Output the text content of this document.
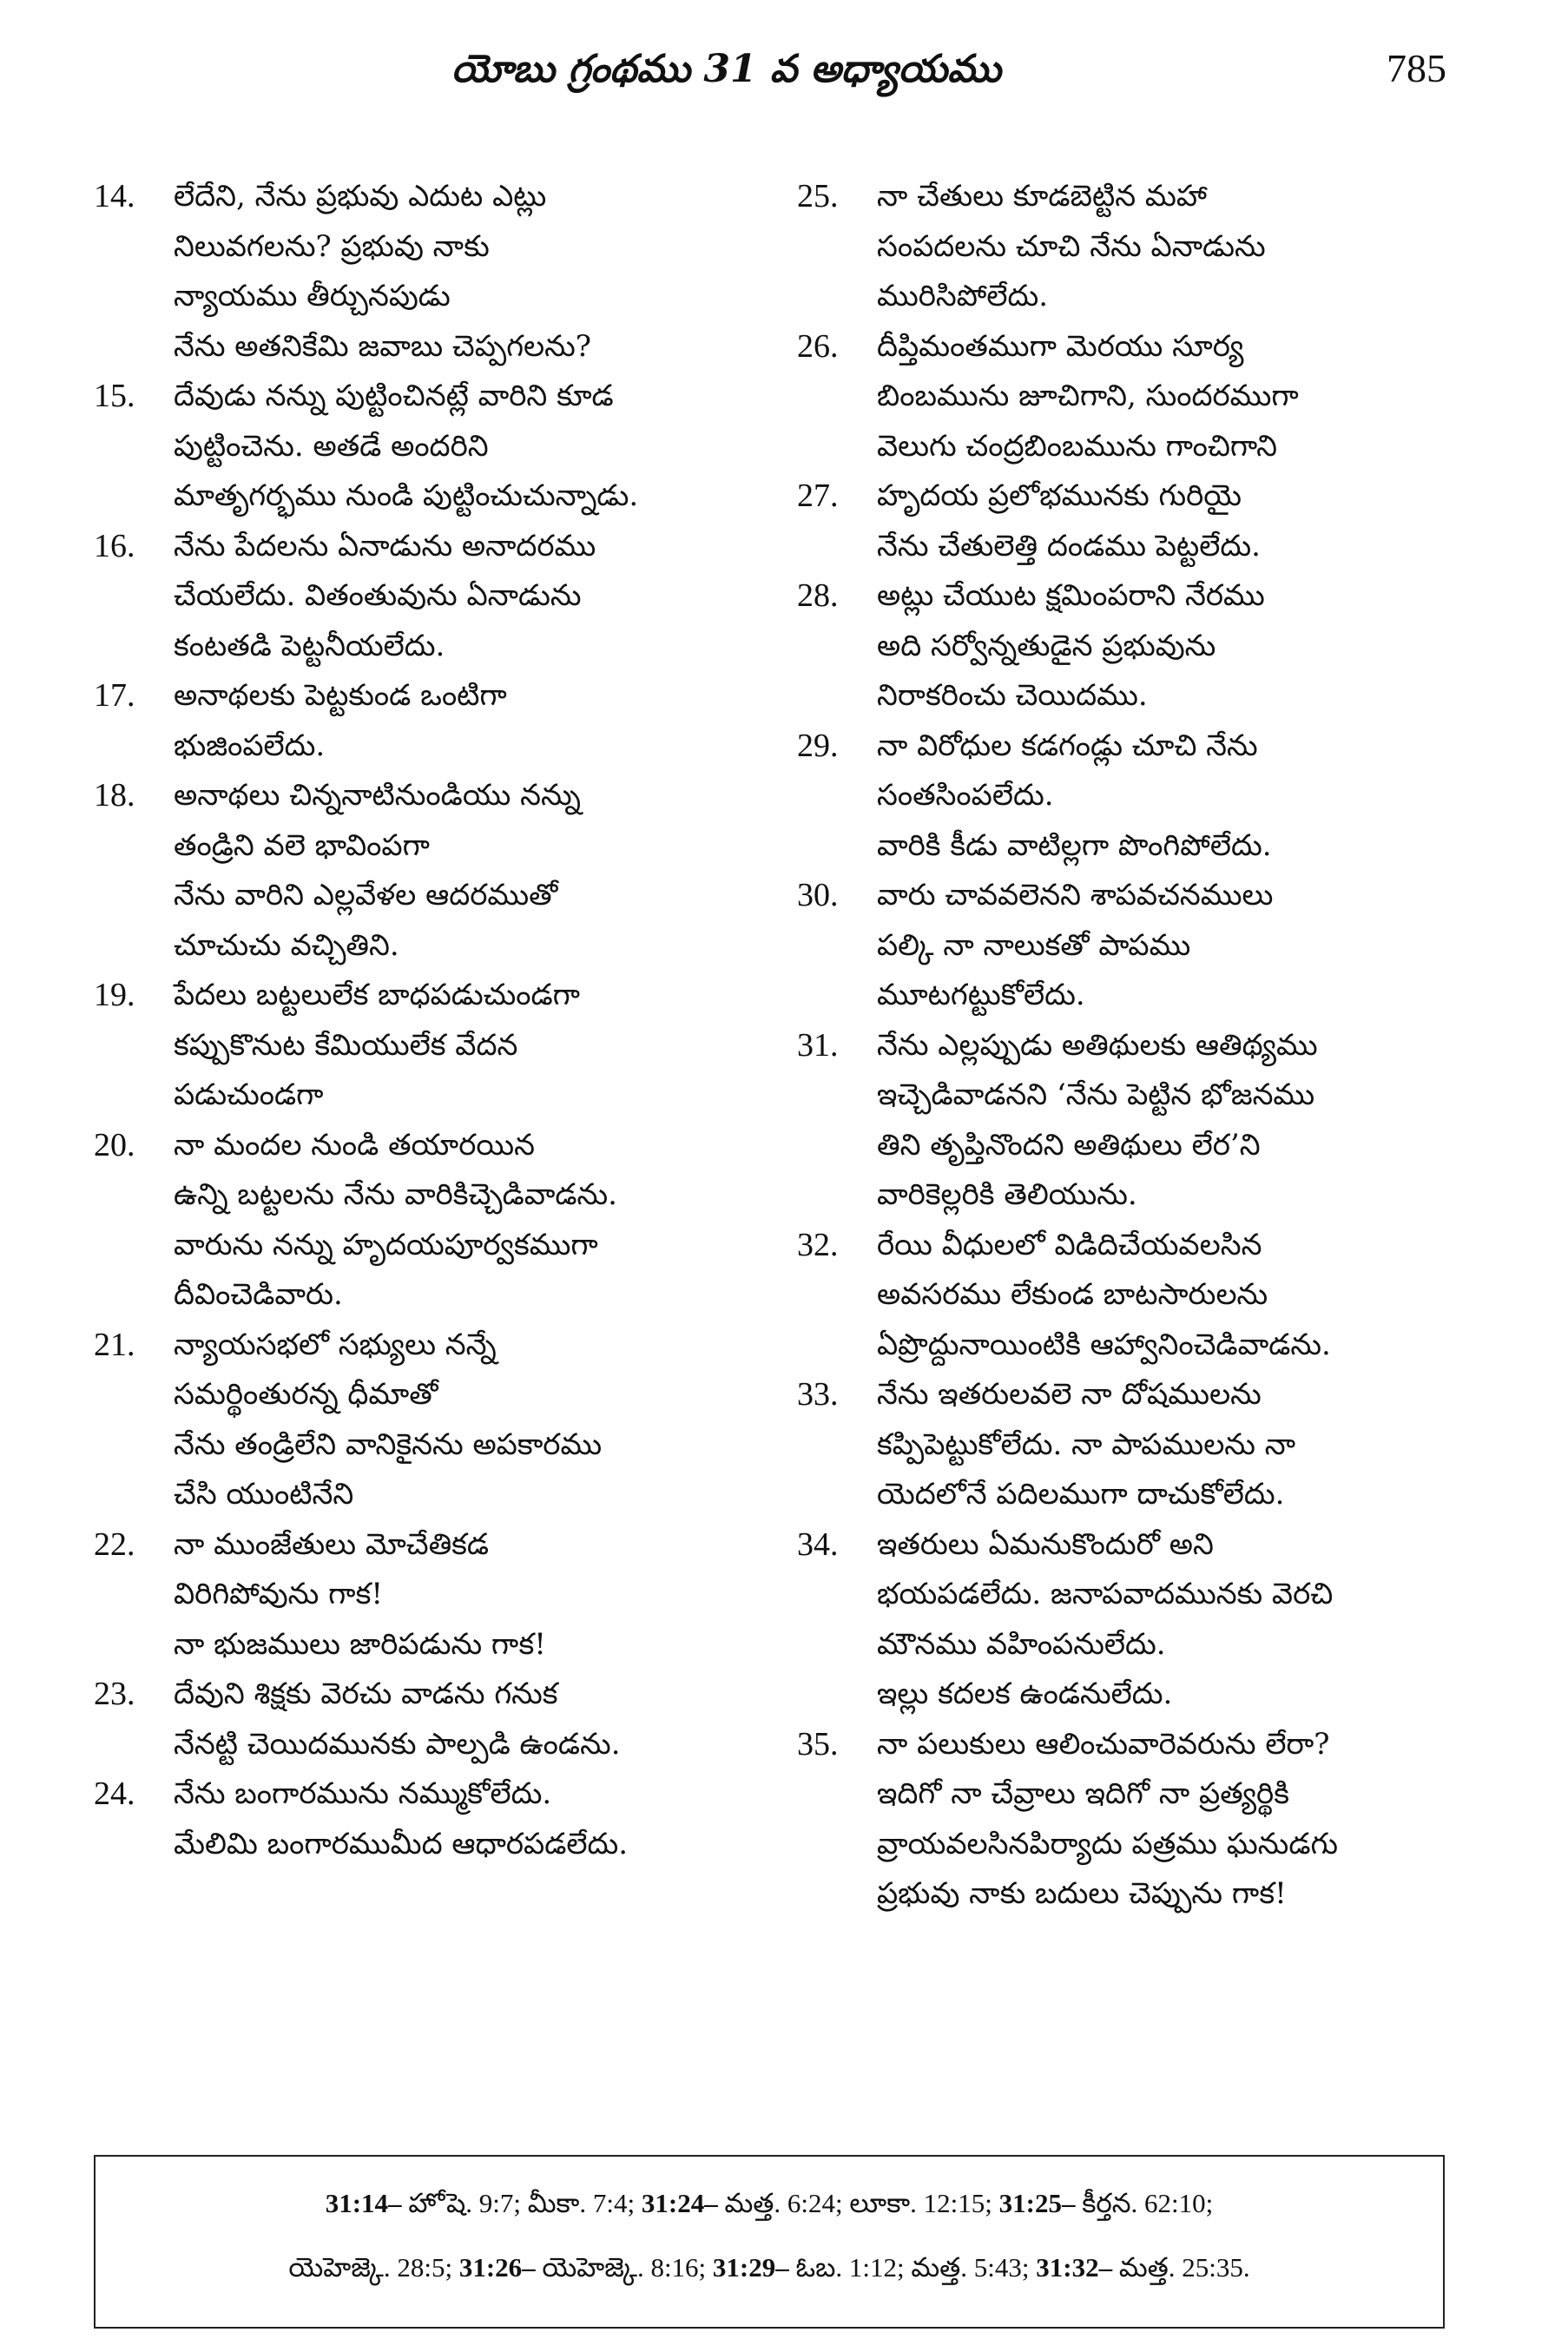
యోబు గ్రంథము 31 వ అధ్యాయము	785
14.	లేదేని, నేను ప్రభువు ఎదుట ఎట్లు
నిలువగలను? ప్రభువు నాకు
న్యాయము తీర్చునపుడు
నేను అతనికేమి జవాబు చెప్పగలను?
15.	దేవుడు నన్ను పుట్టించినట్లే వారిని కూడ
పుట్టించెను. అతడే అందరిని
మాతృగర్భము నుండి పుట్టించుచున్నాడు.
16.	నేను పేదలను ఏనాడును అనాదరము
చేయలేదు. వితంతువును ఏనాడును
కంటతడి పెట్టనీయలేదు.
17.	అనాథలకు పెట్టకుండ ఒంటిగా
భుజింపలేదు.
18.	అనాథలు చిన్ననాటినుండియు నన్ను
తండ్రిని వలె భావింపగా
నేను వారిని ఎల్లవేళల ఆదరముతో
చూచుచు వచ్చితిని.
19.	పేదలు బట్టలులేక బాధపడుచుండగా
కప్పుకొనుట కేమియులేక వేదన
పడుచుండగా
20.	నా మందల నుండి తయారయిన
ఉన్ని బట్టలను నేను వారికిచ్చెడివాడను.
వారును నన్ను హృదయపూర్వకముగా
దీవించెడివారు.
21.	న్యాయసభలో సభ్యులు నన్నే
సమర్థింతురన్న ధీమాతో
నేను తండ్రిలేని వానికైనను అపకారము
చేసి యుంటినేని
22.	నా ముంజేతులు మోచేతికడ
విరిగిపోవును గాక!
నా భుజములు జారిపడును గాక!
23.	దేవుని శిక్షకు వెరచు వాడను గనుక
నేనట్టి చెయిదమునకు పాల్పడి ఉండను.
24.	నేను బంగారమును నమ్ముకోలేదు.
మేలిమి బంగారముమీద ఆధారపడలేదు.
25.	నా చేతులు కూడబెట్టిన మహా
సంపదలను చూచి నేను ఏనాడును
మురిసిపోలేదు.
26.	దీప్తిమంతముగా మెరయు సూర్య
బింబమును జూచిగాని, సుందరముగా
వెలుగు చంద్రబింబమును గాంచిగాని
27.	హృదయ ప్రలోభమునకు గురియై
నేను చేతులెత్తి దండము పెట్టలేదు.
28.	అట్లు చేయుట క్షమింపరాని నేరము
అది సర్వోన్నతుడైన ప్రభువును
నిరాకరించు చెయిదము.
29.	నా విరోధుల కడగండ్లు చూచి నేను
సంతసింపలేదు.
వారికి కీడు వాటిల్లగా పొంగిపోలేదు.
30.	వారు చావవలెనని శాపవచనములు
పల్కి నా నాలుకతో పాపము
మూటగట్టుకోలేదు.
31.	నేను ఎల్లప్పుడు అతిథులకు ఆతిథ్యము
ఇచ్చెడివాడనని ‘నేను పెట్టిన భోజనము
తిని తృప్తినొందని అతిథులు లేర’ని
వారికెల్లరికి తెలియును.
32.	రేయి వీధులలో విడిదిచేయవలసిన
అవసరము లేకుండ బాటసారులను
ఏప్రొద్దునాయింటికి ఆహ్వానించెడివాడను.
33.	నేను ఇతరులవలె నా దోషములను
కప్పిపెట్టుకోలేదు. నా పాపములను నా
యెదలోనే పదిలముగా దాచుకోలేదు.
34.	ఇతరులు ఏమనుకొందురో అని
భయపడలేదు. జనాపవాదమునకు వెరచి
మౌనము వహింపనులేదు.
ఇల్లు కదలక ఉండనులేదు.
35.	నా పలుకులు ఆలించువారెవరును లేరా?
ఇదిగో నా చేవ్రాలు ఇదిగో నా ప్రత్యర్థికి
వ్రాయవలసినపిర్యాదు పత్రము ఘనుడగు
ప్రభువు నాకు బదులు చెప్పును గాక!
31:14– హోషె. 9:7; మీకా. 7:4; 31:24– మత్త. 6:24; లూకా. 12:15; 31:25– కీర్తన. 62:10;
యెహెజ్కె. 28:5; 31:26– యెహెజ్కె. 8:16; 31:29– ఓబ. 1:12; మత్త. 5:43; 31:32– మత్త. 25:35.
